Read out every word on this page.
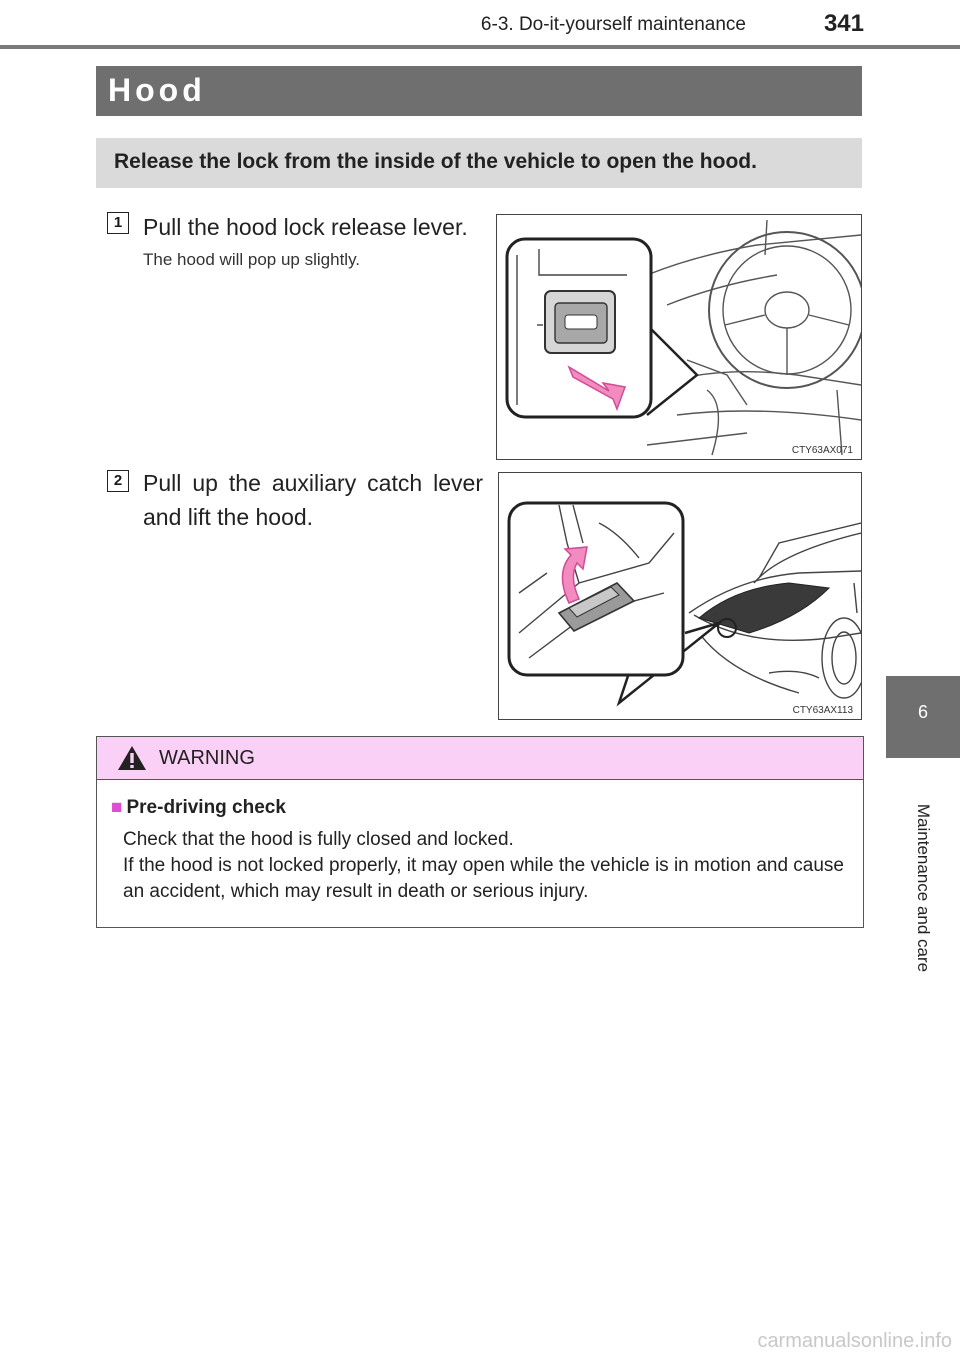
6-3. Do-it-yourself maintenance	341
Hood
Release the lock from the inside of the vehicle to open the hood.
1 Pull the hood lock release lever.
The hood will pop up slightly.
CTY63AX071
2 Pull up the auxiliary catch lever and lift the hood.
CTY63AX113
WARNING
■ Pre-driving check
Check that the hood is fully closed and locked.
If the hood is not locked properly, it may open while the vehicle is in motion and cause an accident, which may result in death or serious injury.
6
Maintenance and care
carmanualsonline.info
